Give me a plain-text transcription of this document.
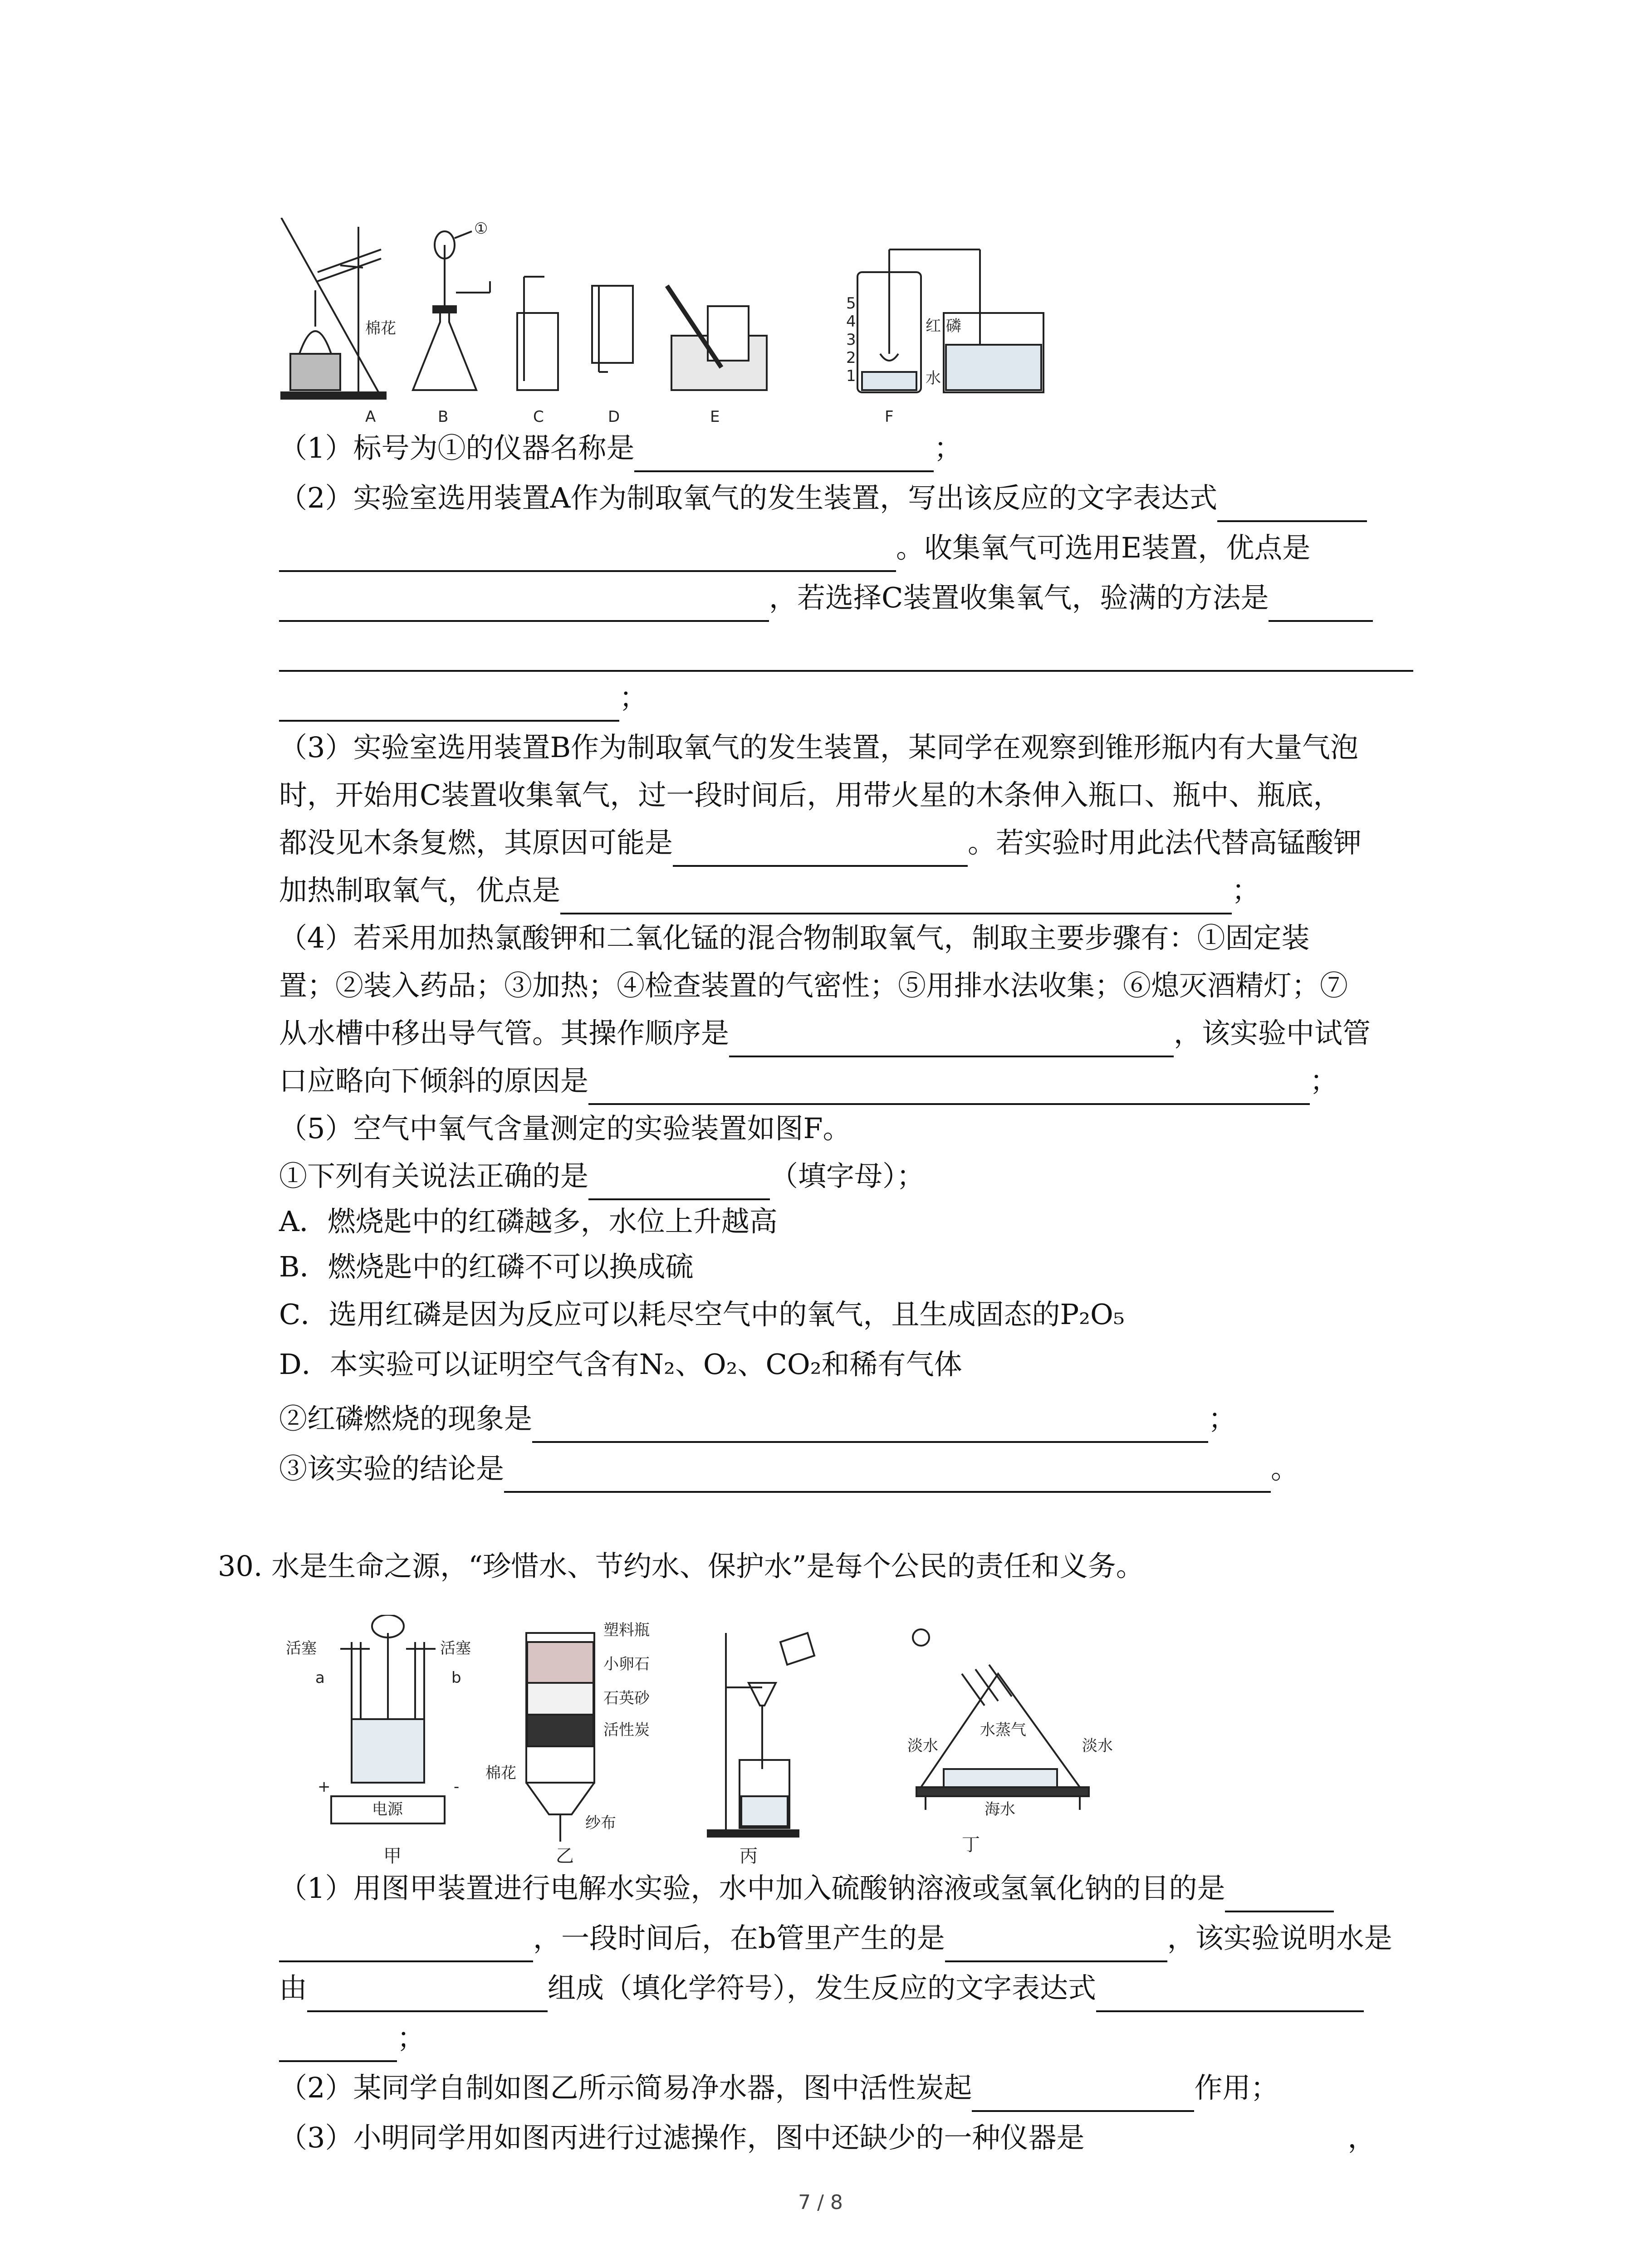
A	B	C	D	E	F
①
棉花	红 磷
水
5
4
3
2
1
（1）标号为①的仪器名称是	；
（2）实验室选用装置A作为制取氧气的发生装置，写出该反应的文字表达式
。收集氧气可选用E装置，优点是
，若选择C装置收集氧气，验满的方法是
；
（3）实验室选用装置B作为制取氧气的发生装置，某同学在观察到锥形瓶内有大量气泡
时，开始用C装置收集氧气，过一段时间后，用带火星的木条伸入瓶口、瓶中、瓶底，
都没见木条复燃，其原因可能是	。若实验时用此法代替高锰酸钾
加热制取氧气，优点是	；
（4）若采用加热氯酸钾和二氧化锰的混合物制取氧气，制取主要步骤有：①固定装
置；②装入药品；③加热；④检查装置的气密性；⑤用排水法收集；⑥熄灭酒精灯；⑦
从水槽中移出导气管。其操作顺序是	，该实验中试管
口应略向下倾斜的原因是	；
（5）空气中氧气含量测定的实验装置如图F。
①下列有关说法正确的是	（填字母）；
A．燃烧匙中的红磷越多，水位上升越高
B．燃烧匙中的红磷不可以换成硫
C．选用红磷是因为反应可以耗尽空气中的氧气，且生成固态的P₂O₅
D．本实验可以证明空气含有N₂、O₂、CO₂和稀有气体
②红磷燃烧的现象是	；
③该实验的结论是	。
30. 水是生命之源，“珍惜水、节约水、保护水”是每个公民的责任和义务。
活塞	活塞
a	b
+	-
电源
塑料瓶
小卵石
石英砂
活性炭
棉花
纱布
淡水	淡水
水蒸气
海水
甲	乙	丙
丁
（1）用图甲装置进行电解水实验，水中加入硫酸钠溶液或氢氧化钠的目的是
，一段时间后，在b管里产生的是	，该实验说明水是
由	组成（填化学符号），发生反应的文字表达式
；
（2）某同学自制如图乙所示简易净水器，图中活性炭起	作用；
（3）小明同学用如图丙进行过滤操作，图中还缺少的一种仪器是	，
7 / 8
